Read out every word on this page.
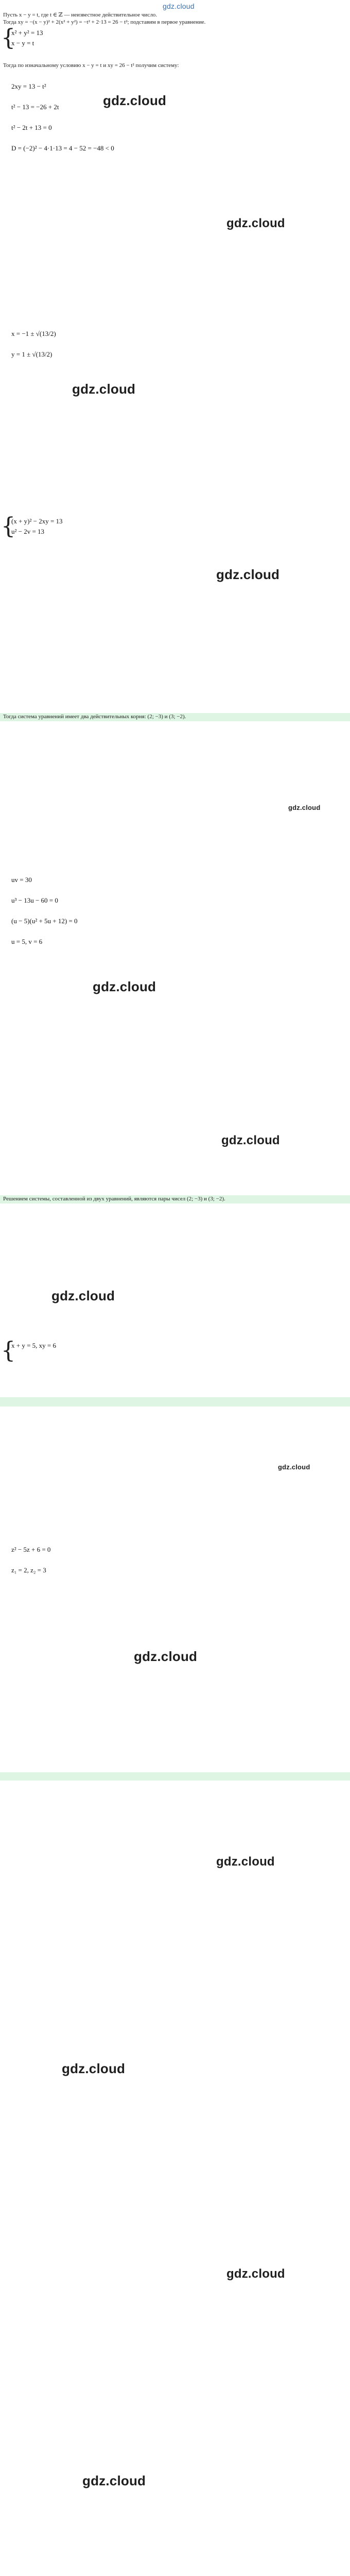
gdz.cloud
Пусть x − y = t, где t ∈ ℤ — неизвестное действительное число.
Тогда xy = −(x − y)² + 2(x² + y²) = −t² + 2·13 = 26 − t²; подставим в первое уравнение.
Тогда по изначальному условию x − y = t и xy = 26 − t² получим систему:
Тогда система уравнений имеет два действительных корня: (2; −3) и (3; −2).
Решением системы, составленной из двух уравнений, являются пары чисел (2; −3) и (3; −2).
{
x² + y² = 13
x − y = t
2xy = 13 − t²
t² − 13 = −26 + 2t
t² − 2t + 13 = 0
D = (−2)² − 4·1·13 = 4 − 52 = −48 < 0
x = −1 ± √(13/2)
y = 1 ± √(13/2)
{
(x + y)² − 2xy = 13
u² − 2v = 13
uv = 30
u³ − 13u − 60 = 0
(u − 5)(u² + 5u + 12) = 0
u = 5, v = 6
{
x + y = 5, xy = 6
z² − 5z + 6 = 0
z₁ = 2, z₂ = 3
gdz.cloud
gdz.cloud
gdz.cloud
gdz.cloud
gdz.cloud
gdz.cloud
gdz.cloud
gdz.cloud
gdz.cloud
gdz.cloud
gdz.cloud
gdz.cloud
gdz.cloud
gdz.cloud
